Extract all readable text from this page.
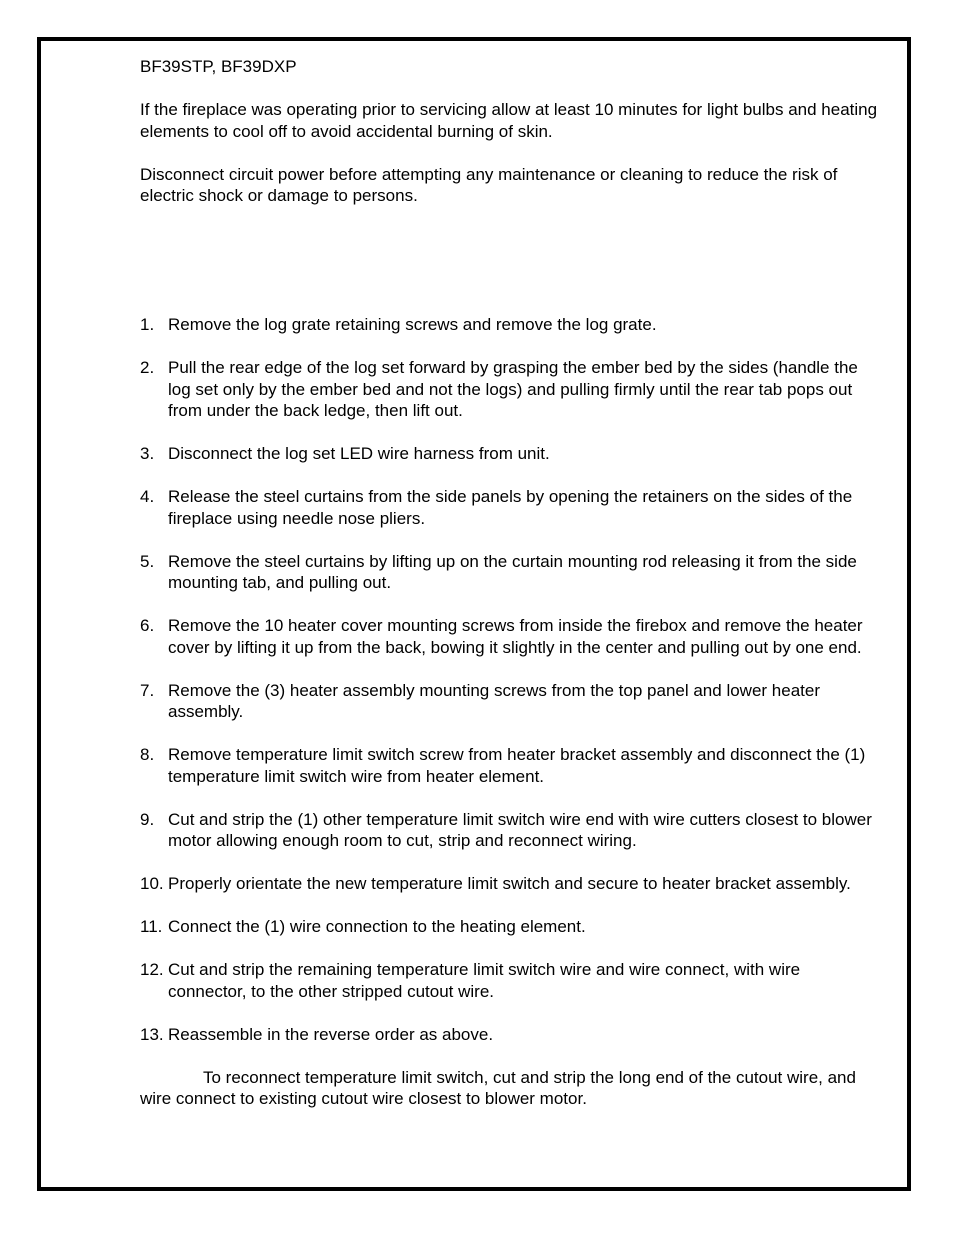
BF39STP, BF39DXP

If the fireplace was operating prior to servicing allow at least 10 minutes for light bulbs and heating elements to cool off to avoid accidental burning of skin.

Disconnect circuit power before attempting any maintenance or cleaning to reduce the risk of electric shock or damage to persons.

1. Remove the log grate retaining screws and remove the log grate.
2. Pull the rear edge of the log set forward by grasping the ember bed by the sides (handle the log set only by the ember bed and not the logs) and pulling firmly until the rear tab pops out from under the back ledge, then lift out.
3. Disconnect the log set LED wire harness from unit.
4. Release the steel curtains from the side panels by opening the retainers on the sides of the fireplace using needle nose pliers.
5. Remove the steel curtains by lifting up on the curtain mounting rod releasing it from the side mounting tab, and pulling out.
6. Remove the 10 heater cover mounting screws from inside the firebox and remove the heater cover by lifting it up from the back, bowing it slightly in the center and pulling out by one end.
7. Remove the (3) heater assembly mounting screws from the top panel and lower heater assembly.
8. Remove temperature limit switch screw from heater bracket assembly and disconnect the (1) temperature limit switch wire from heater element.
9. Cut and strip the (1) other temperature limit switch wire end with wire cutters closest to blower motor allowing enough room to cut, strip and reconnect wiring.
10. Properly orientate the new temperature limit switch and secure to heater bracket assembly.
11. Connect the (1) wire connection to the heating element.
12. Cut and strip the remaining temperature limit switch wire and wire connect, with wire connector, to the other stripped cutout wire.
13. Reassemble in the reverse order as above.

To reconnect temperature limit switch, cut and strip the long end of the cutout wire, and wire connect to existing cutout wire closest to blower motor.
